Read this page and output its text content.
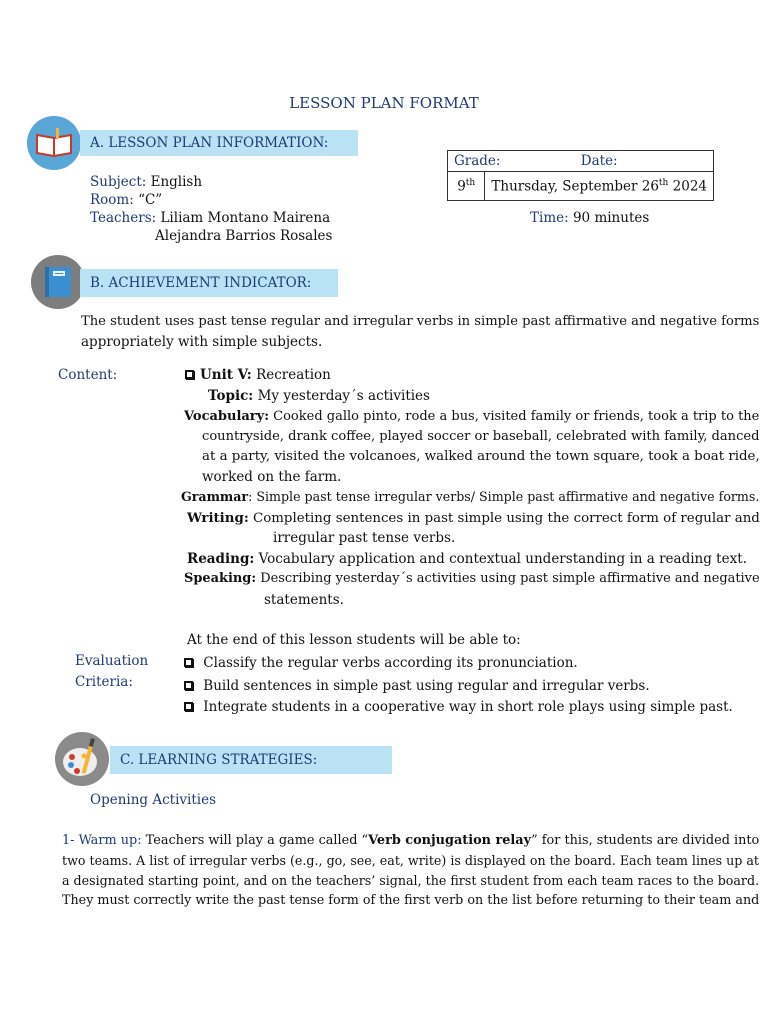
LESSON PLAN FORMAT
A. LESSON PLAN INFORMATION:
Subject: English
Room: “C”
Teachers: Liliam Montano Mairena
Alejandra Barrios Rosales
Grade:	Date:
9th	Thursday, September 26th 2024
Time: 90 minutes
B. ACHIEVEMENT INDICATOR:
The student uses past tense regular and irregular verbs in simple past affirmative and negative forms
appropriately with simple subjects.
Content:	Unit V: Recreation
Topic: My yesterday´s activities
Vocabulary: Cooked gallo pinto, rode a bus, visited family or friends, took a trip to the
countryside, drank coffee, played soccer or baseball, celebrated with family, danced
at a party, visited the volcanoes, walked around the town square, took a boat ride,
worked on the farm.
Grammar: Simple past tense irregular verbs/ Simple past affirmative and negative forms.
Writing: Completing sentences in past simple using the correct form of regular and
irregular past tense verbs.
Reading: Vocabulary application and contextual understanding in a reading text.
Speaking: Describing yesterday´s activities using past simple affirmative and negative
statements.
At the end of this lesson students will be able to:
Evaluation
Criteria:
Classify the regular verbs according its pronunciation.
Build sentences in simple past using regular and irregular verbs.
Integrate students in a cooperative way in short role plays using simple past.
C. LEARNING STRATEGIES:
Opening Activities
1- Warm up: Teachers will play a game called “Verb conjugation relay” for this, students are divided into
two teams. A list of irregular verbs (e.g., go, see, eat, write) is displayed on the board. Each team lines up at
a designated starting point, and on the teachers’ signal, the first student from each team races to the board.
They must correctly write the past tense form of the first verb on the list before returning to their team and
